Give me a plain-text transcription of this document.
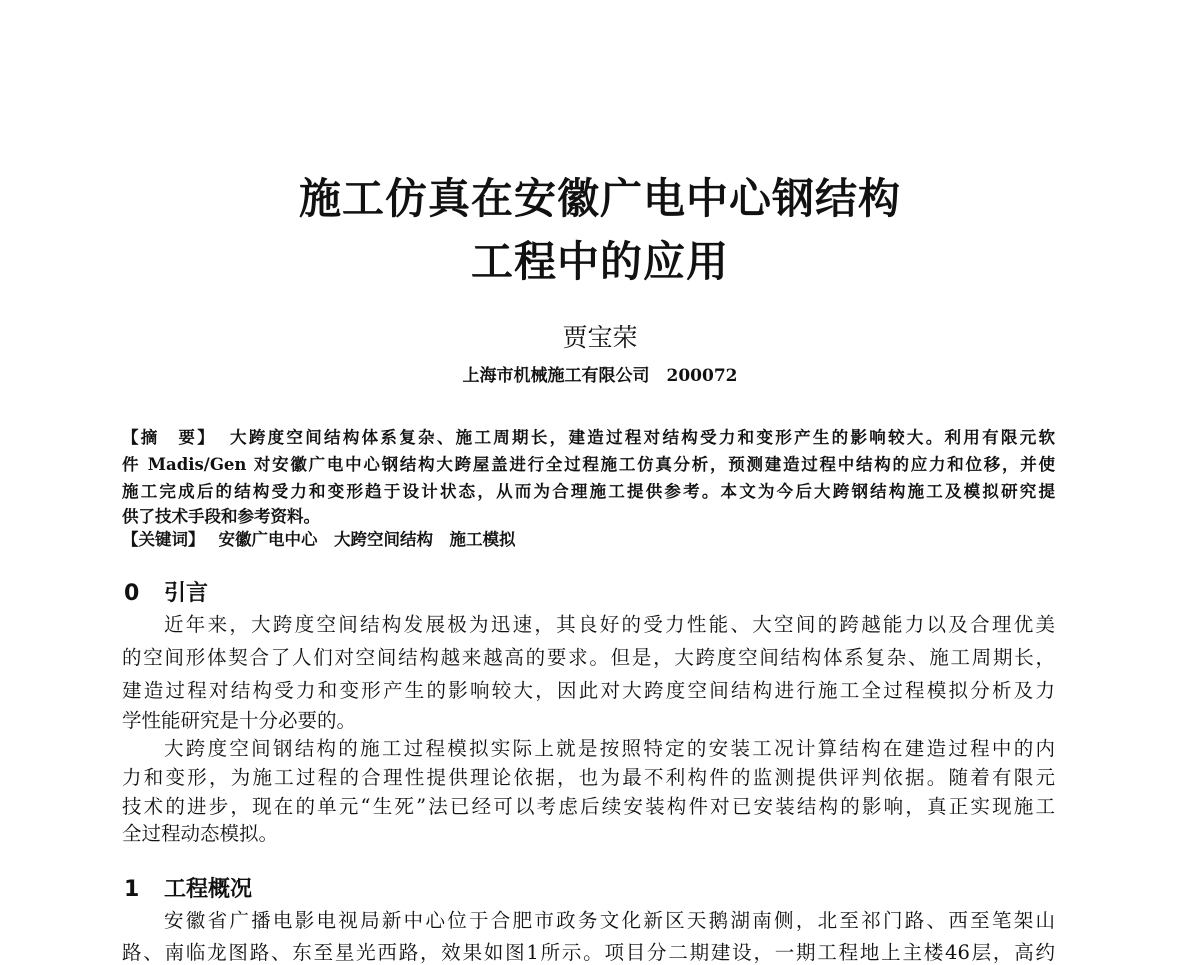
施工仿真在安徽广电中心钢结构
工程中的应用
贾宝荣
上海市机械施工有限公司　200072
【摘　要】 大跨度空间结构体系复杂、施工周期长，建造过程对结构受力和变形产生的影响较大。利用有限元软
件 Madis/Gen 对安徽广电中心钢结构大跨屋盖进行全过程施工仿真分析，预测建造过程中结构的应力和位移，并使
施工完成后的结构受力和变形趋于设计状态，从而为合理施工提供参考。本文为今后大跨钢结构施工及模拟研究提
供了技术手段和参考资料。
【关键词】 安徽广电中心　大跨空间结构　施工模拟
0 引言
近年来，大跨度空间结构发展极为迅速，其良好的受力性能、大空间的跨越能力以及合理优美
的空间形体契合了人们对空间结构越来越高的要求。但是，大跨度空间结构体系复杂、施工周期长，
建造过程对结构受力和变形产生的影响较大，因此对大跨度空间结构进行施工全过程模拟分析及力
学性能研究是十分必要的。
大跨度空间钢结构的施工过程模拟实际上就是按照特定的安装工况计算结构在建造过程中的内
力和变形，为施工过程的合理性提供理论依据，也为最不利构件的监测提供评判依据。随着有限元
技术的进步，现在的单元“生死”法已经可以考虑后续安装构件对已安装结构的影响，真正实现施工
全过程动态模拟。
1 工程概况
安徽省广播电影电视局新中心位于合肥市政务文化新区天鹅湖南侧，北至祁门路、西至笔架山
路、南临龙图路、东至星光西路，效果如图1所示。项目分二期建设，一期工程地上主楼46层，高约
